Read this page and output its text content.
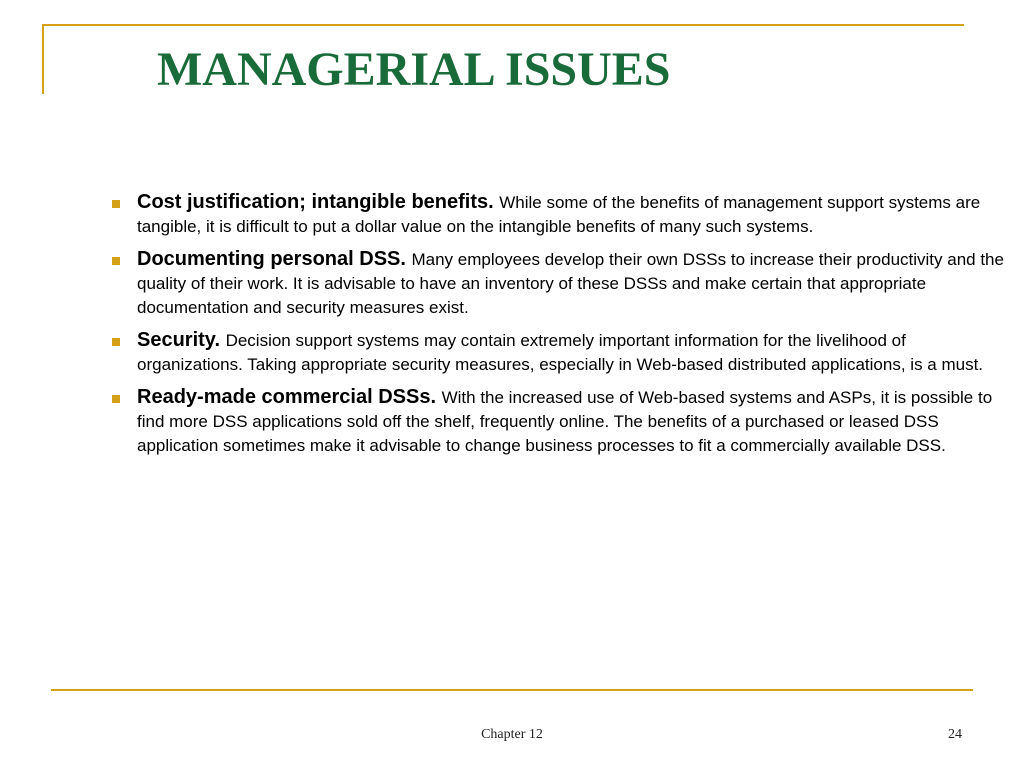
MANAGERIAL ISSUES
Cost justification; intangible benefits. While some of the benefits of management support systems are tangible, it is difficult to put a dollar value on the intangible benefits of many such systems.
Documenting personal DSS. Many employees develop their own DSSs to increase their productivity and the quality of their work. It is advisable to have an inventory of these DSSs and make certain that appropriate documentation and security measures exist.
Security. Decision support systems may contain extremely important information for the livelihood of organizations. Taking appropriate security measures, especially in Web-based distributed applications, is a must.
Ready-made commercial DSSs. With the increased use of Web-based systems and ASPs, it is possible to find more DSS applications sold off the shelf, frequently online. The benefits of a purchased or leased DSS application sometimes make it advisable to change business processes to fit a commercially available DSS.
Chapter 12	24
